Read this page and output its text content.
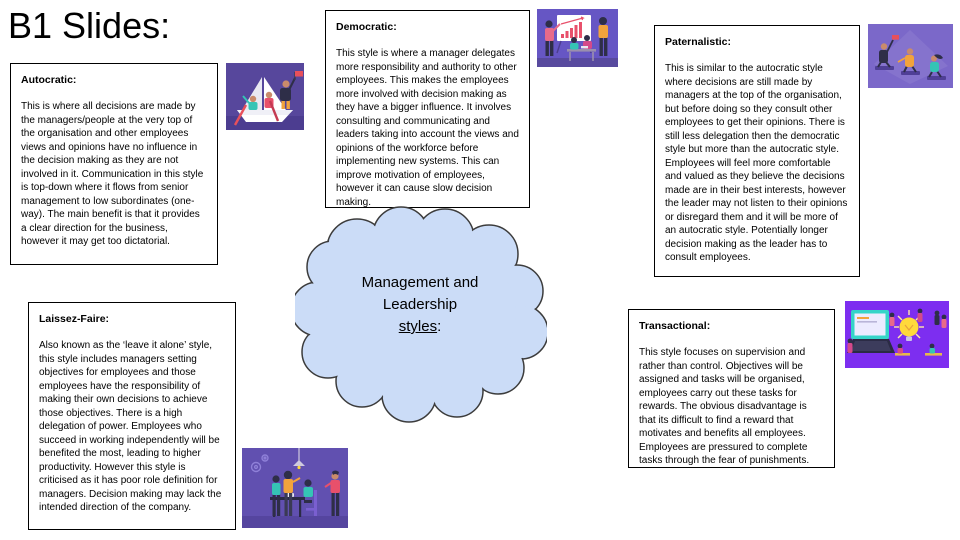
B1 Slides:
Autocratic:
This is where all decisions are made by the managers/people at the very top of the organisation and other employees views and opinions have no influence in the decision making as they are not involved in it. Communication in this style is top-down where it flows from senior management to low subordinates (one-way). The main benefit is that it provides a clear direction for the business, however it may get too dictatorial.
Democratic:
This style is where a manager delegates more responsibility and authority to other employees. This makes the employees more involved with decision making as they have a bigger influence. It involves consulting and communicating and leaders taking into account the views and opinions of the workforce before implementing new systems. This can improve motivation of employees, however it can cause slow decision making.
Paternalistic:
This is similar to the autocratic style where decisions are still made by managers at the top of the organisation, but before doing so they consult other employees to get their opinions. There is still less delegation then the democratic style but more than the autocratic style. Employees will feel more comfortable and valued as they believe the decisions made are in their best interests, however the leader may not listen to their opinions or disregard them and it will be more of an autocratic style. Potentially longer decision making as the leader has to consult employees.
Laissez-Faire:
Also known as the ‘leave it alone’ style, this style includes managers setting objectives for employees and those employees have the responsibility of making their own decisions to achieve those objectives. There is a high delegation of power. Employees who succeed in working independently will be benefited the most, leading to higher productivity. However this style is criticised as it has poor role definition for managers. Decision making may lack the intended direction of the company.
Transactional:
This style focuses on supervision and rather than control. Objectives will be assigned and tasks will be organised, employees carry out these tasks for rewards. The obvious disadvantage is that its difficult to find a reward that motivates and benefits all employees. Employees are pressured to complete tasks through the fear of punishments.
Management and
Leadership
styles:
